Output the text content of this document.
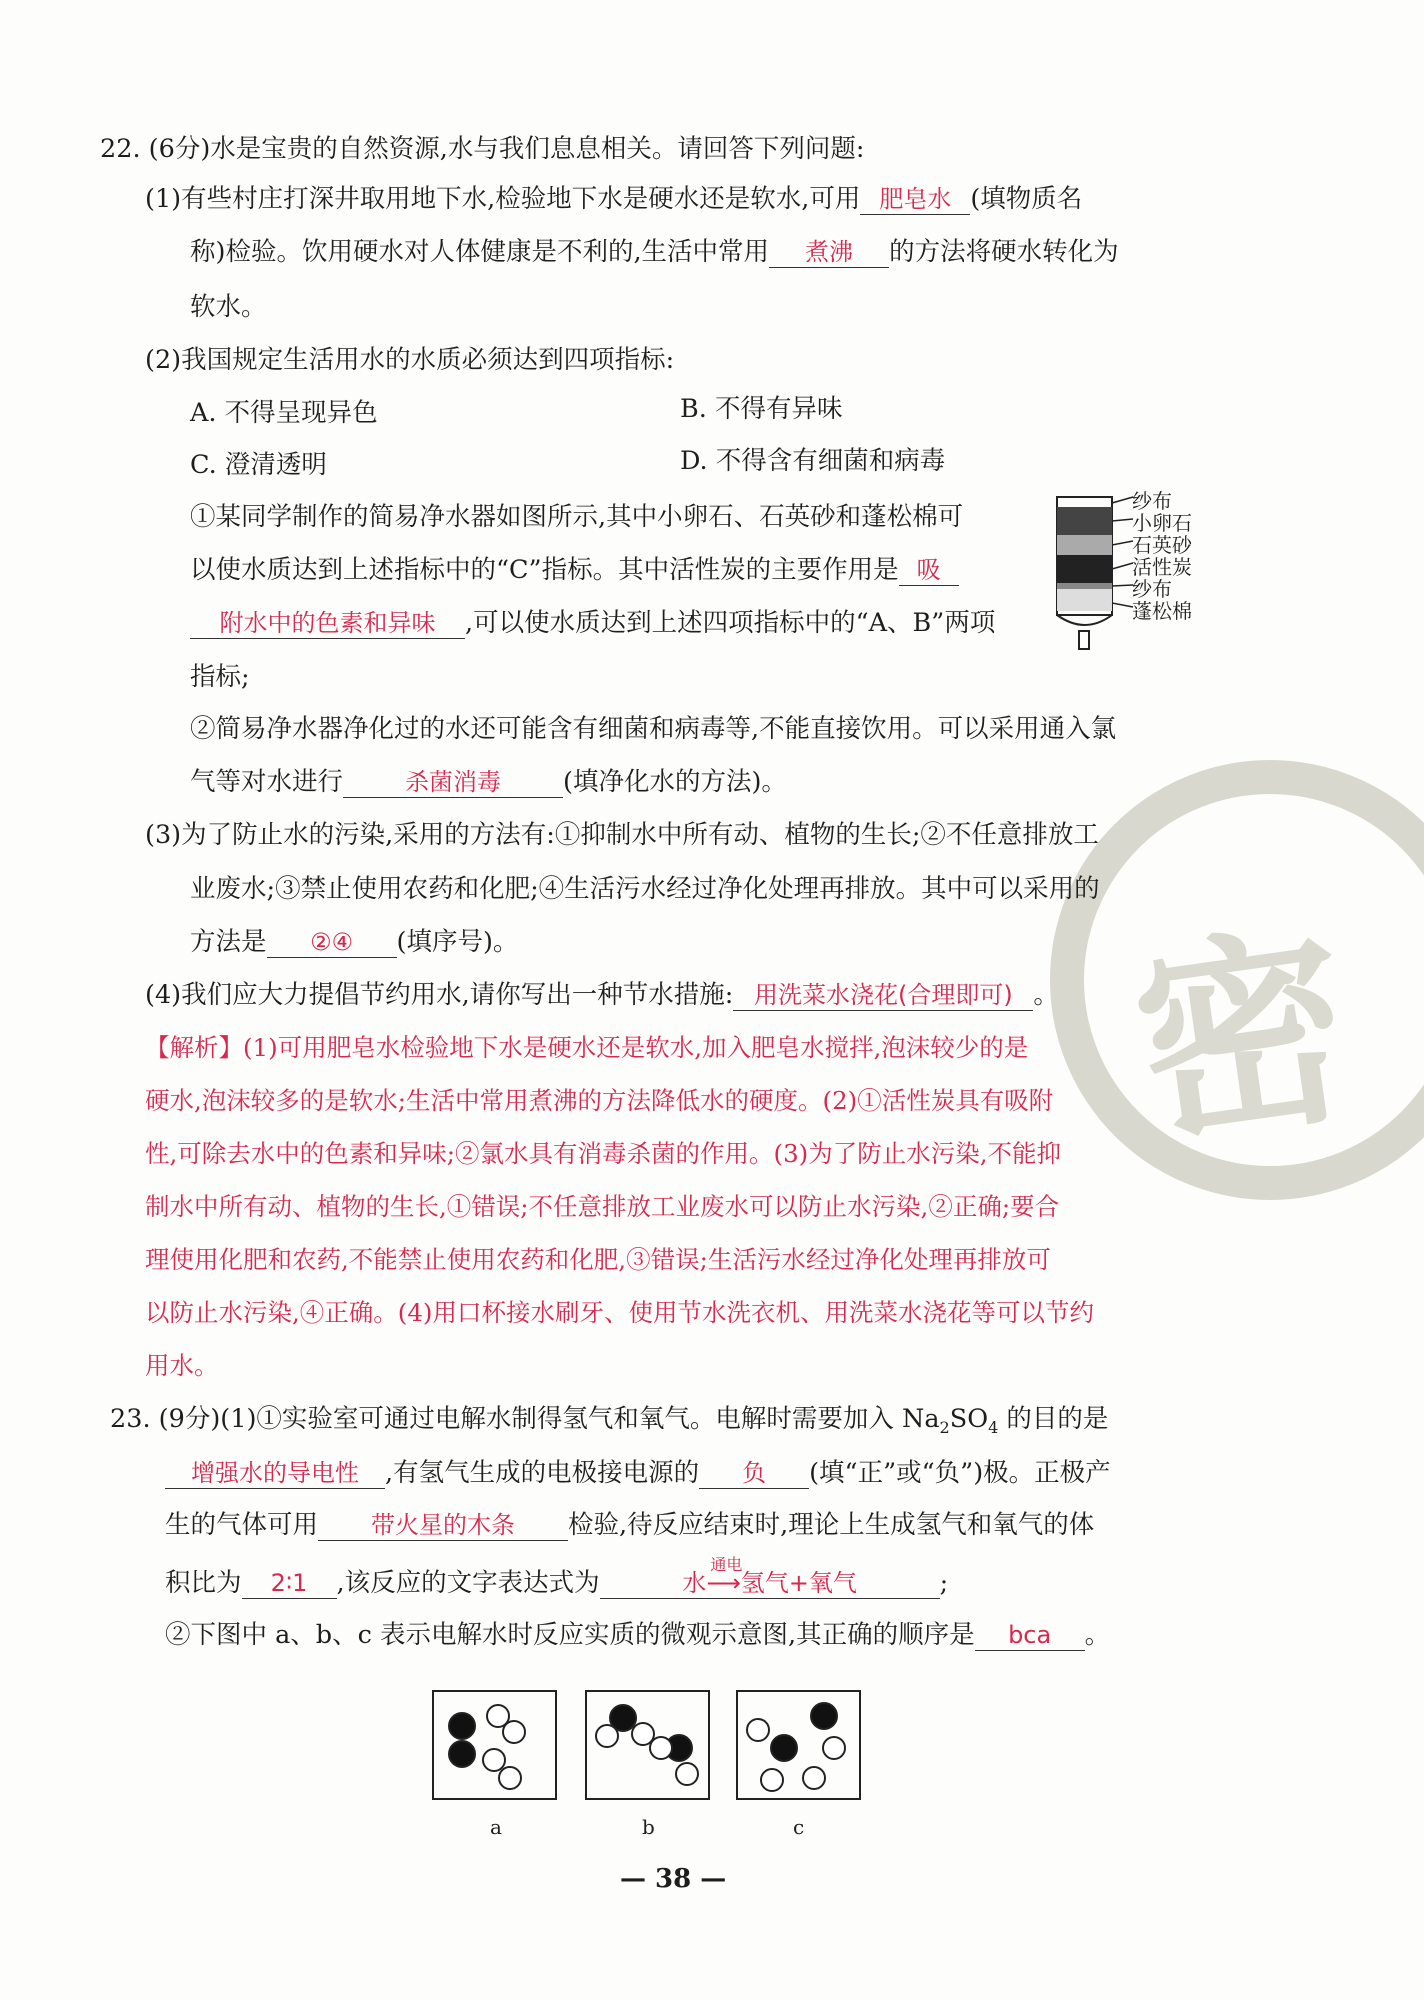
密
22. (6分)水是宝贵的自然资源,水与我们息息相关。请回答下列问题:
(1)有些村庄打深井取用地下水,检验地下水是硬水还是软水,可用 肥皂水 (填物质名
称)检验。饮用硬水对人体健康是不利的,生活中常用 煮沸 的方法将硬水转化为
软水。
(2)我国规定生活用水的水质必须达到四项指标:
A. 不得呈现异色	B. 不得有异味
C. 澄清透明	D. 不得含有细菌和病毒
①某同学制作的简易净水器如图所示,其中小卵石、石英砂和蓬松棉可
以使水质达到上述指标中的“C”指标。其中活性炭的主要作用是 吸
附水中的色素和异味 ,可以使水质达到上述四项指标中的“A、B”两项
指标;
纱布
小卵石
石英砂
活性炭
纱布
蓬松棉
②简易净水器净化过的水还可能含有细菌和病毒等,不能直接饮用。可以采用通入氯
气等对水进行	杀菌消毒 (填净化水的方法)。
(3)为了防止水的污染,采用的方法有:①抑制水中所有动、植物的生长;②不任意排放工
业废水;③禁止使用农药和化肥;④生活污水经过净化处理再排放。其中可以采用的
方法是 ②④ (填序号)。
(4)我们应大力提倡节约用水,请你写出一种节水措施: 用洗菜水浇花(合理即可) 。
【解析】(1)可用肥皂水检验地下水是硬水还是软水,加入肥皂水搅拌,泡沫较少的是
硬水,泡沫较多的是软水;生活中常用煮沸的方法降低水的硬度。(2)①活性炭具有吸附
性,可除去水中的色素和异味;②氯水具有消毒杀菌的作用。(3)为了防止水污染,不能抑
制水中所有动、植物的生长,①错误;不任意排放工业废水可以防止水污染,②正确;要合
理使用化肥和农药,不能禁止使用农药和化肥,③错误;生活污水经过净化处理再排放可
以防止水污染,④正确。(4)用口杯接水刷牙、使用节水洗衣机、用洗菜水浇花等可以节约
用水。
23. (9分)(1)①实验室可通过电解水制得氢气和氧气。电解时需要加入 $Na_2SO_4$ 的目的是
增强水的导电性 ,有氢气生成的电极接电源的 负 (填“正”或“负”)极。正极产
生的气体可用 带火星的木条 检验,待反应结束时,理论上生成氢气和氧气的体
积比为 2∶1 ,该反应的文字表达式为	水
通电
⟶氢气+氧气	;
②下图中 a、b、c 表示电解水时反应实质的微观示意图,其正确的顺序是 bca 。
a	b	c
— 38 —
